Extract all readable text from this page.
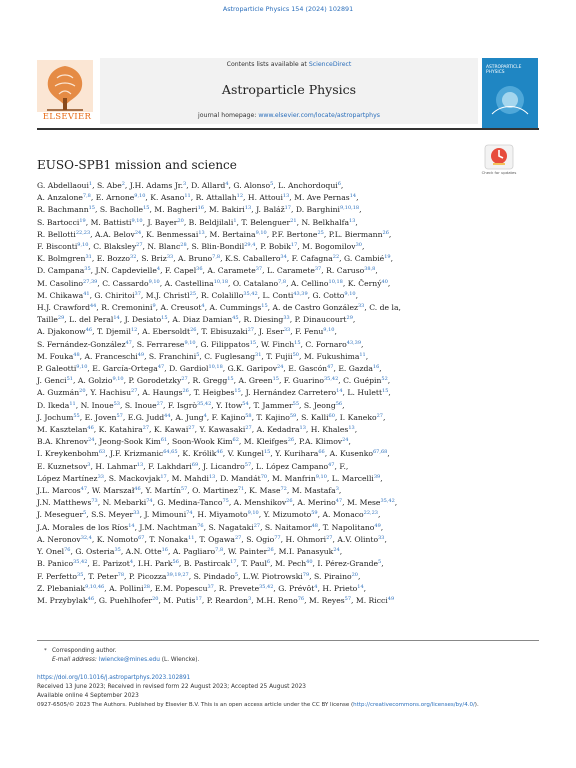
Astroparticle Physics 154 (2024) 102891
ELSEVIER
Contents lists available at ScienceDirect
Astroparticle Physics
journal homepage: www.elsevier.com/locate/astropartphys
ASTROPARTICLE PHYSICS
EUSO-SPB1 mission and science
Check for updates
G. Abdellaoui$^1$, S. Abe$^2$, J.H. Adams Jr.$^3$, D. Allard$^4$, G. Alonso$^5$, L. Anchordoqui$^6$,
A. Anzalone$^{7,8}$, E. Arnone$^{9,10}$, K. Asano$^{11}$, R. Attallah$^{12}$, H. Attoui$^{13}$, M. Ave Pernas$^{14}$,
R. Bachmann$^{15}$, S. Bacholle$^{15}$, M. Bagheri$^{16}$, M. Bakiri$^{13}$, J. Baláž$^{17}$, D. Barghini$^{9,10,18}$,
S. Bartocci$^{19}$, M. Battisti$^{9,10}$, J. Bayer$^{20}$, B. Beldjilali$^1$, T. Belenguer$^{21}$, N. Belkhalfa$^{13}$,
R. Bellotti$^{22,23}$, A.A. Belov$^{24}$, K. Benmessai$^{13}$, M. Bertaina$^{9,10}$, P.F. Bertone$^{25}$, P.L. Biermann$^{26}$,
F. Bisconti$^{9,10}$, C. Blaksley$^{27}$, N. Blanc$^{28}$, S. Blin-Bondil$^{29,4}$, P. Bobik$^{17}$, M. Bogomilov$^{30}$,
K. Bolmgren$^{31}$, E. Bozzo$^{32}$, S. Briz$^{33}$, A. Bruno$^{7,8}$, K.S. Caballero$^{34}$, F. Cafagna$^{22}$, G. Cambié$^{19}$,
D. Campana$^{35}$, J.N. Capdevielle$^4$, F. Capel$^{36}$, A. Caramete$^{37}$, L. Caramete$^{37}$, R. Caruso$^{38,8}$,
M. Casolino$^{27,39}$, C. Cassardo$^{9,10}$, A. Castellina$^{10,18}$, O. Catalano$^{7,8}$, A. Cellino$^{10,18}$, K. Černý$^{40}$,
M. Chikawa$^{41}$, G. Chiritoi$^{37}$, M.J. Christl$^{25}$, R. Colalillo$^{35,42}$, L. Conti$^{43,39}$, G. Cotto$^{9,10}$,
H.J. Crawford$^{44}$, R. Cremonini$^9$, A. Creusot$^4$, A. Cummings$^{15}$, A. de Castro González$^{33}$, C. de la,
Taille$^{29}$, L. del Peral$^{14}$, J. Desiato$^{15}$, A. Diaz Damian$^{45}$, R. Diesing$^{33}$, P. Dinaucourt$^{29}$,
A. Djakonow$^{46}$, T. Djemil$^{12}$, A. Ebersoldt$^{26}$, T. Ebisuzaki$^{27}$, J. Eser$^{33}$, F. Fenu$^{9,10}$,
S. Fernández-González$^{47}$, S. Ferrarese$^{9,10}$, G. Filippatos$^{15}$, W. Finch$^{15}$, C. Fornaro$^{43,39}$,
M. Fouka$^{48}$, A. Franceschi$^{49}$, S. Franchini$^5$, C. Fuglesang$^{31}$, T. Fujii$^{50}$, M. Fukushima$^{11}$,
P. Galeotti$^{9,10}$, E. García-Ortega$^{47}$, D. Gardiol$^{10,18}$, G.K. Garipov$^{24}$, E. Gascón$^{47}$, E. Gazda$^{16}$,
J. Genci$^{51}$, A. Golzio$^{9,10}$, P. Gorodetzky$^{27}$, R. Gregg$^{15}$, A. Green$^{15}$, F. Guarino$^{35,42}$, C. Guépin$^{52}$,
A. Guzmán$^{20}$, Y. Hachisu$^{27}$, A. Haungs$^{26}$, T. Heigbes$^{15}$, J. Hernández Carretero$^{14}$, L. Hulett$^{15}$,
D. Ikeda$^{11}$, N. Inoue$^{53}$, S. Inoue$^{27}$, F. Isgrò$^{35,42}$, Y. Itow$^{54}$, T. Jammer$^{55}$, S. Jeong$^{56}$,
J. Jochum$^{55}$, E. Joven$^{57}$, E.G. Judd$^{44}$, A. Jung$^4$, F. Kajino$^{58}$, T. Kajino$^{59}$, S. Kalli$^{60}$, I. Kaneko$^{27}$,
M. Kasztelan$^{46}$, K. Katahira$^{27}$, K. Kawai$^{27}$, Y. Kawasaki$^{27}$, A. Kedadra$^{13}$, H. Khales$^{13}$,
B.A. Khrenov$^{24}$, Jeong-Sook Kim$^{61}$, Soon-Wook Kim$^{62}$, M. Kleifges$^{26}$, P.A. Klimov$^{24}$,
I. Kreykenbohm$^{63}$, J.F. Krizmanic$^{64,65}$, K. Królik$^{46}$, V. Kungel$^{15}$, Y. Kurihara$^{66}$, A. Kusenko$^{67,68}$,
E. Kuznetsov$^3$, H. Lahmar$^{13}$, F. Lakhdari$^{69}$, J. Licandro$^{57}$, L. López Campano$^{47}$, F.,
López Martínez$^{33}$, S. Mackovjak$^{17}$, M. Mahdi$^{13}$, D. Mandát$^{70}$, M. Manfrin$^{9,10}$, L. Marcelli$^{39}$,
J.L. Marcos$^{47}$, W. Marszał$^{46}$, Y. Martín$^{57}$, O. Martinez$^{71}$, K. Mase$^{72}$, M. Mastafa$^3$,
J.N. Matthews$^{73}$, N. Mebarki$^{74}$, G. Medina-Tanco$^{75}$, A. Menshikov$^{26}$, A. Merino$^{47}$, M. Mese$^{35,42}$,
J. Meseguer$^5$, S.S. Meyer$^{33}$, J. Mimouni$^{74}$, H. Miyamoto$^{9,10}$, Y. Mizumoto$^{59}$, A. Monaco$^{22,23}$,
J.A. Morales de los Ríos$^{14}$, J.M. Nachtman$^{76}$, S. Nagataki$^{27}$, S. Naitamor$^{48}$, T. Napolitano$^{49}$,
A. Neronov$^{32,4}$, K. Nomoto$^{67}$, T. Nonaka$^{11}$, T. Ogawa$^{27}$, S. Ogio$^{77}$, H. Ohmori$^{27}$, A.V. Olinto$^{33}$,
Y. Onel$^{76}$, G. Osteria$^{35}$, A.N. Otte$^{16}$, A. Pagliaro$^{7,8}$, W. Painter$^{26}$, M.I. Panasyuk$^{24}$,
B. Panico$^{35,42}$, E. Parizot$^4$, I.H. Park$^{56}$, B. Pastircak$^{17}$, T. Paul$^6$, M. Pech$^{40}$, I. Pérez-Grande$^5$,
F. Perfetto$^{35}$, T. Peter$^{78}$, P. Picozza$^{39,19,27}$, S. Pindado$^5$, L.W. Piotrowski$^{79}$, S. Piraino$^{20}$,
Z. Plebaniak$^{9,10,46}$, A. Pollini$^{28}$, E.M. Popescu$^{37}$, R. Prevete$^{35,42}$, G. Prévôt$^4$, H. Prieto$^{14}$,
M. Przybylak$^{46}$, G. Puehlhofer$^{20}$, M. Putis$^{17}$, P. Reardon$^3$, M.H. Reno$^{76}$, M. Reyes$^{57}$, M. Ricci$^{49}$
* Corresponding author.
E-mail address: lwiencke@mines.edu (L. Wiencke).
https://doi.org/10.1016/j.astropartphys.2023.102891
Received 13 June 2023; Received in revised form 22 August 2023; Accepted 25 August 2023
Available online 4 September 2023
0927-6505/© 2023 The Authors. Published by Elsevier B.V. This is an open access article under the CC BY license (http://creativecommons.org/licenses/by/4.0/).
